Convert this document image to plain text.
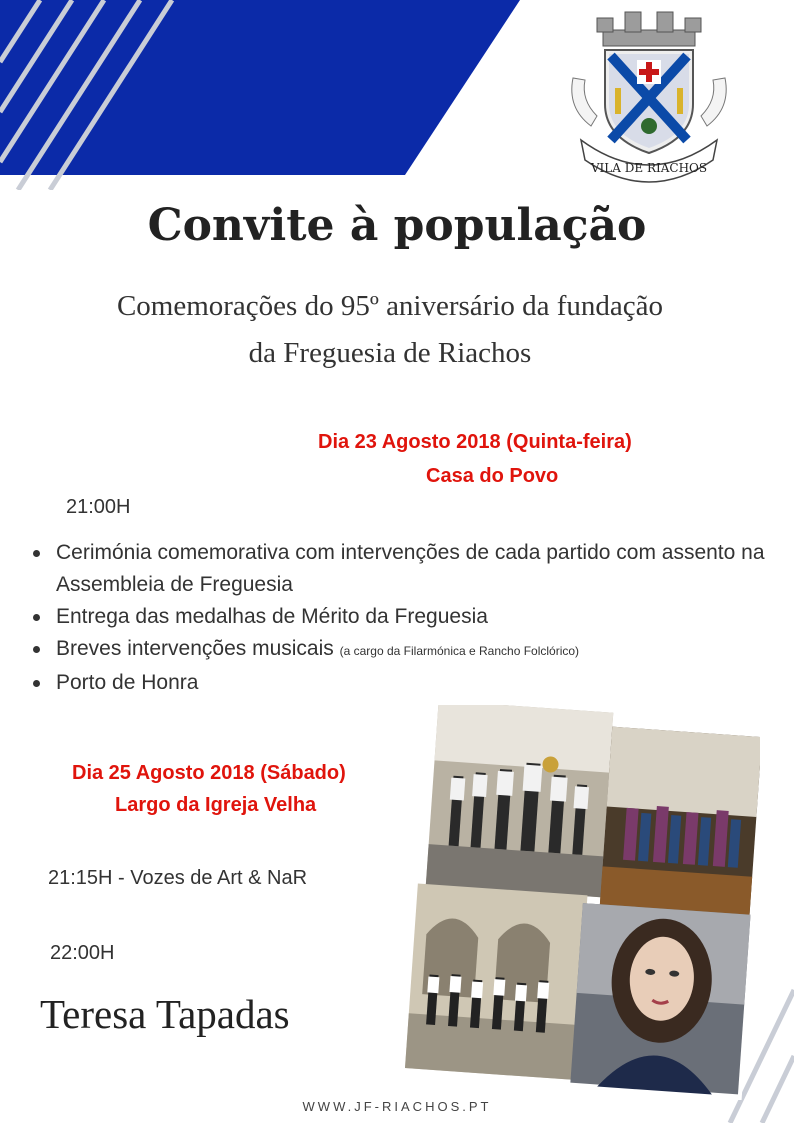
VILA DE RIACHOS
Convite à população
Comemorações do 95º aniversário da fundação
da Freguesia de Riachos
Dia 23 Agosto 2018 (Quinta-feira)
Casa do Povo
21:00H
Cerimónia comemorativa com intervenções de cada partido com assento na Assembleia de Freguesia
Entrega das medalhas de Mérito da Freguesia
Breves intervenções musicais (a cargo da Filarmónica e Rancho Folclórico)
Porto de Honra
Dia 25 Agosto 2018 (Sábado)
Largo da Igreja Velha
21:15H - Vozes de Art & NaR
22:00H
Teresa Tapadas
WWW.JF-RIACHOS.PT
